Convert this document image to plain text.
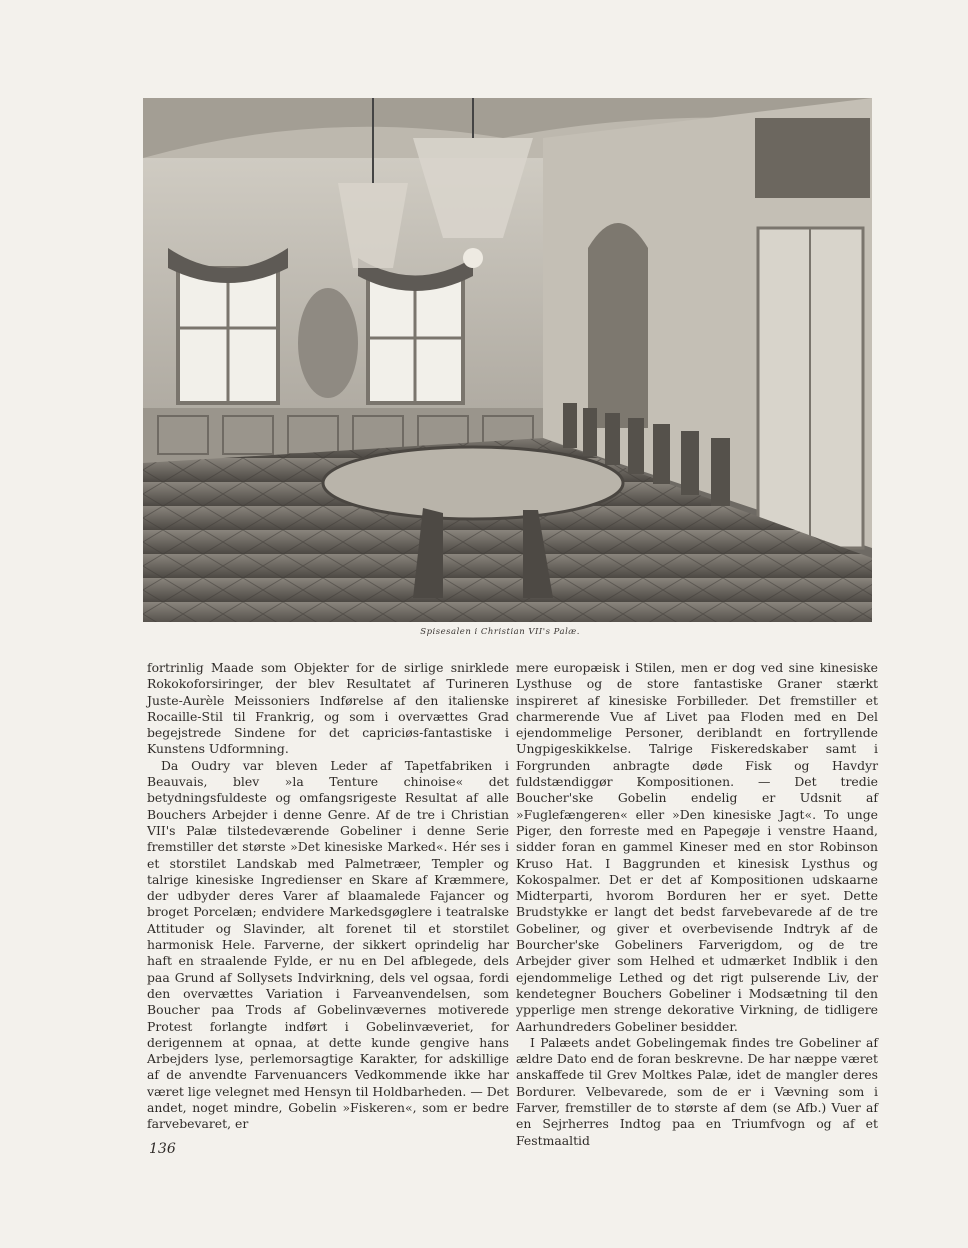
Spisesalen i Christian VII's Palæ.

fortrinlig Maade som Objekter for de sirlige snirklede Rokokoforsiringer, der blev Resultatet af Turineren Juste-Aurèle Meissoniers Indførelse af den italienske Rocaille-Stil til Frankrig, og som i overvættes Grad begejstrede Sindene for det capriciøs-fantastiske i Kunstens Udformning.

Da Oudry var bleven Leder af Tapetfabriken i Beauvais, blev »la Tenture chinoise« det betydningsfuldeste og omfangsrigeste Resultat af alle Bouchers Arbejder i denne Genre. Af de tre i Christian VII's Palæ tilstedeværende Gobeliner i denne Serie fremstiller det største »Det kinesiske Marked«. Hér ses i et storstilet Landskab med Palmetræer, Templer og talrige kinesiske Ingredienser en Skare af Kræmmere, der udbyder deres Varer af blaamalede Fajancer og broget Porcelæn; endvidere Markedsgøglere i teatralske Attituder og Slavinder, alt forenet til et storstilet harmonisk Hele. Farverne, der sikkert oprindelig har haft en straalende Fylde, er nu en Del afblegede, dels paa Grund af Sollysets Indvirkning, dels vel ogsaa, fordi den overvættes Variation i Farveanvendelsen, som Boucher paa Trods af Gobelinvævernes motiverede Protest forlangte indført i Gobelinvæveriet, for derigennem at opnaa, at dette kunde gengive hans Arbejders lyse, perlemorsagtige Karakter, for adskillige af de anvendte Farvenuancers Vedkommende ikke har været lige velegnet med Hensyn til Holdbarheden. — Det andet, noget mindre, Gobelin »Fiskeren«, som er bedre farvebevaret, er

mere europæisk i Stilen, men er dog ved sine kinesiske Lysthuse og de store fantastiske Graner stærkt inspireret af kinesiske Forbilleder. Det fremstiller et charmerende Vue af Livet paa Floden med en Del ejendommelige Personer, deriblandt en fortryllende Ungpigeskikkelse. Talrige Fiskeredskaber samt i Forgrunden anbragte døde Fisk og Havdyr fuldstændiggør Kompositionen. — Det tredie Boucher'ske Gobelin endelig er Udsnit af »Fuglefængeren« eller »Den kinesiske Jagt«. To unge Piger, den forreste med en Papegøje i venstre Haand, sidder foran en gammel Kineser med en stor Robinson Kruso Hat. I Baggrunden et kinesisk Lysthus og Kokospalmer. Det er det af Kompositionen udskaarne Midterparti, hvorom Borduren her er syet. Dette Brudstykke er langt det bedst farvebevarede af de tre Gobeliner, og giver et overbevisende Indtryk af de Bourcher'ske Gobeliners Farverigdom, og de tre Arbejder giver som Helhed et udmærket Indblik i den ejendommelige Lethed og det rigt pulserende Liv, der kendetegner Bouchers Gobeliner i Modsætning til den ypperlige men strenge dekorative Virkning, de tidligere Aarhundreders Gobeliner besidder.

I Palæets andet Gobelingemak findes tre Gobeliner af ældre Dato end de foran beskrevne. De har næppe været anskaffede til Grev Moltkes Palæ, idet de mangler deres Bordurer. Velbevarede, som de er i Vævning som i Farver, fremstiller de to største af dem (se Afb.) Vuer af en Sejrherres Indtog paa en Triumfvogn og af et Festmaaltid

136
